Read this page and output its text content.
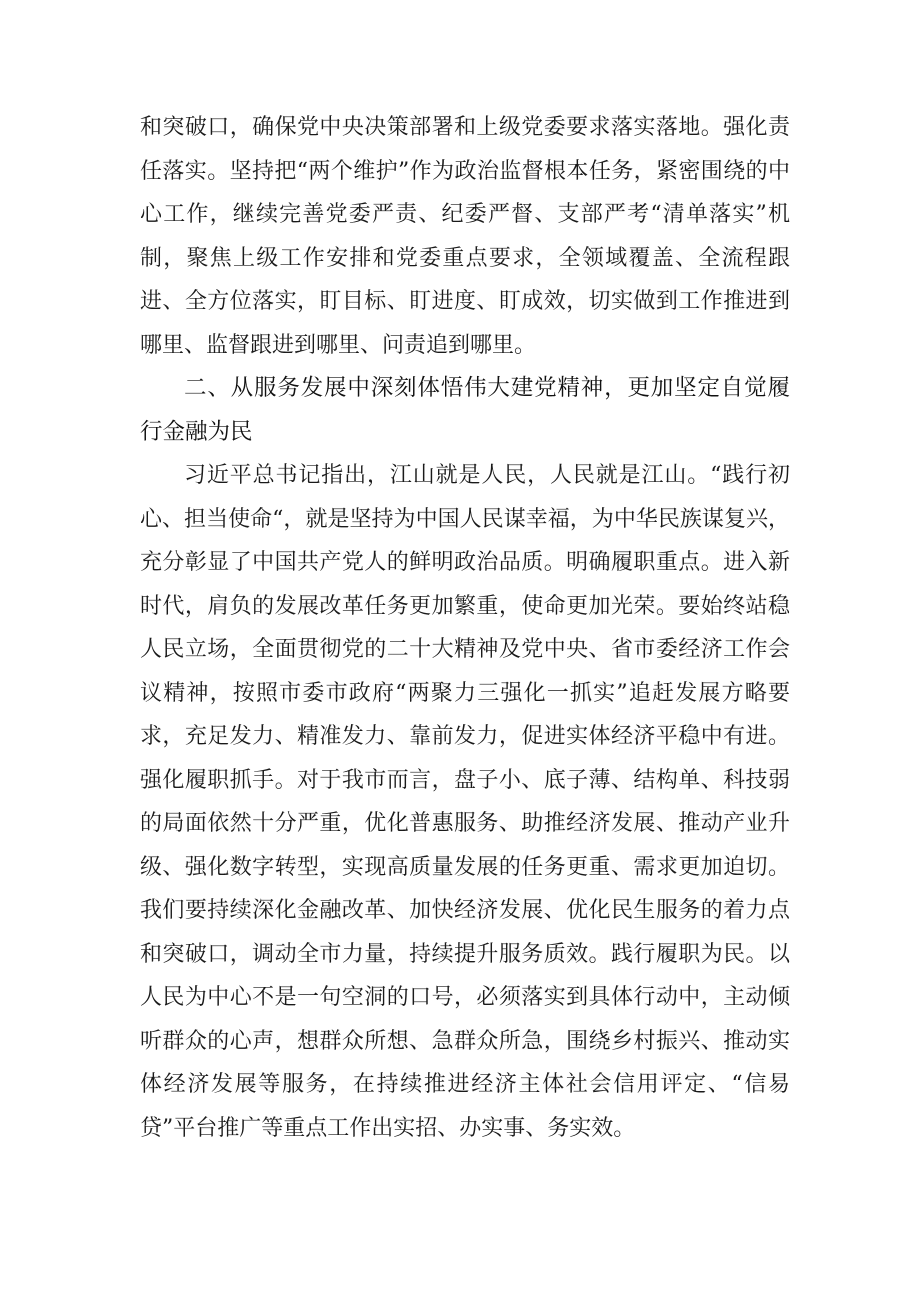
和突破口，确保党中央决策部署和上级党委要求落实落地。强化责任落实。坚持把“两个维护”作为政治监督根本任务，紧密围绕的中心工作，继续完善党委严责、纪委严督、支部严考“清单落实”机制，聚焦上级工作安排和党委重点要求，全领域覆盖、全流程跟进、全方位落实，盯目标、盯进度、盯成效，切实做到工作推进到哪里、监督跟进到哪里、问责追到哪里。

二、从服务发展中深刻体悟伟大建党精神，更加坚定自觉履行金融为民

习近平总书记指出，江山就是人民，人民就是江山。“践行初心、担当使命“，就是坚持为中国人民谋幸福，为中华民族谋复兴，充分彰显了中国共产党人的鲜明政治品质。明确履职重点。进入新时代，肩负的发展改革任务更加繁重，使命更加光荣。要始终站稳人民立场，全面贯彻党的二十大精神及党中央、省市委经济工作会议精神，按照市委市政府“两聚力三强化一抓实”追赶发展方略要求，充足发力、精准发力、靠前发力，促进实体经济平稳中有进。强化履职抓手。对于我市而言，盘子小、底子薄、结构单、科技弱的局面依然十分严重，优化普惠服务、助推经济发展、推动产业升级、强化数字转型，实现高质量发展的任务更重、需求更加迫切。我们要持续深化金融改革、加快经济发展、优化民生服务的着力点和突破口，调动全市力量，持续提升服务质效。践行履职为民。以人民为中心不是一句空洞的口号，必须落实到具体行动中，主动倾听群众的心声，想群众所想、急群众所急，围绕乡村振兴、推动实体经济发展等服务，在持续推进经济主体社会信用评定、“信易贷”平台推广等重点工作出实招、办实事、务实效。
